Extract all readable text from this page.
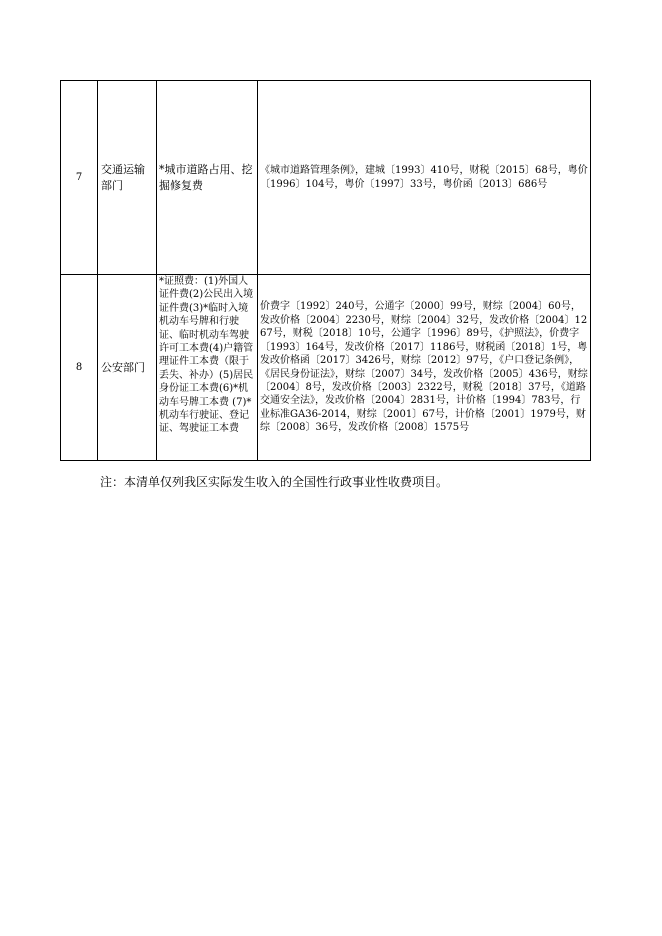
7	交通运输部门	*城市道路占用、挖掘修复费	《城市道路管理条例》，建城〔1993〕410号，财税〔2015〕68号，粤价〔1996〕104号，粤价〔1997〕33号，粤价函〔2013〕686号
8	公安部门	*证照费：(1)外国人证件费(2)公民出入境证件费(3)*临时入境机动车号牌和行驶证、临时机动车驾驶许可工本费(4)户籍管理证件工本费（限于丢失、补办）(5)居民身份证工本费(6)*机动车号牌工本费 (7)*机动车行驶证、登记证、驾驶证工本费	价费字〔1992〕240号，公通字〔2000〕99号，财综〔2004〕60号，发改价格〔2004〕2230号，财综〔2004〕32号，发改价格〔2004〕1267号，财税〔2018〕10号，公通字〔1996〕89号，《护照法》，价费字〔1993〕164号，发改价格〔2017〕1186号，财税函〔2018〕1号，粤发改价格函〔2017〕3426号，财综〔2012〕97号，《户口登记条例》，《居民身份证法》，财综〔2007〕34号，发改价格〔2005〕436号，财综〔2004〕8号，发改价格〔2003〕2322号，财税〔2018〕37号，《道路交通安全法》，发改价格〔2004〕2831号，计价格〔1994〕783号，行业标准GA36-2014，财综〔2001〕67号，计价格〔2001〕1979号，财综〔2008〕36号，发改价格〔2008〕1575号
注：本清单仅列我区实际发生收入的全国性行政事业性收费项目。
